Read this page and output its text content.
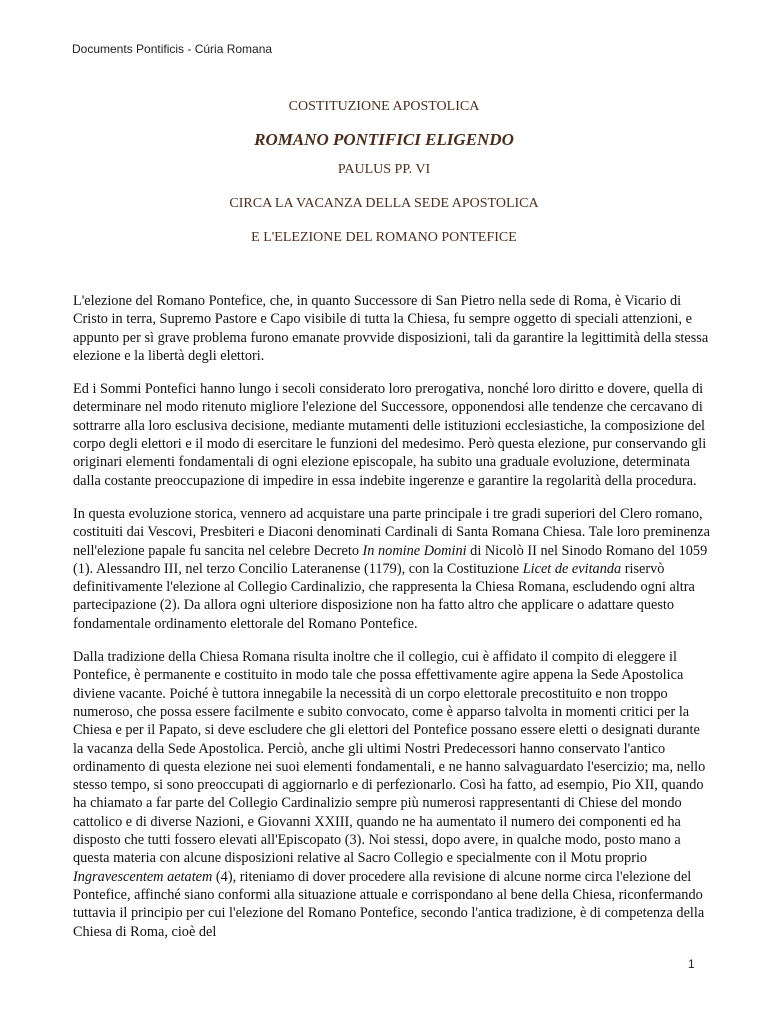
Documents Pontificis - Cúria Romana
COSTITUZIONE APOSTOLICA
ROMANO PONTIFICI ELIGENDO
PAULUS PP. VI
CIRCA LA VACANZA DELLA SEDE APOSTOLICA
E L'ELEZIONE DEL ROMANO PONTEFICE

L'elezione del Romano Pontefice, che, in quanto Successore di San Pietro nella sede di Roma, è Vicario di Cristo in terra, Supremo Pastore e Capo visibile di tutta la Chiesa, fu sempre oggetto di speciali attenzioni, e appunto per sì grave problema furono emanate provvide disposizioni, tali da garantire la legittimità della stessa elezione e la libertà degli elettori.

Ed i Sommi Pontefici hanno lungo i secoli considerato loro prerogativa, nonché loro diritto e dovere, quella di determinare nel modo ritenuto migliore l'elezione del Successore, opponendosi alle tendenze che cercavano di sottrarre alla loro esclusiva decisione, mediante mutamenti delle istituzioni ecclesiastiche, la composizione del corpo degli elettori e il modo di esercitare le funzioni del medesimo. Però questa elezione, pur conservando gli originari elementi fondamentali di ogni elezione episcopale, ha subito una graduale evoluzione, determinata dalla costante preoccupazione di impedire in essa indebite ingerenze e garantire la regolarità della procedura.

In questa evoluzione storica, vennero ad acquistare una parte principale i tre gradi superiori del Clero romano, costituiti dai Vescovi, Presbiteri e Diaconi denominati Cardinali di Santa Romana Chiesa. Tale loro preminenza nell'elezione papale fu sancita nel celebre Decreto In nomine Domini di Nicolò II nel Sinodo Romano del 1059 (1). Alessandro III, nel terzo Concilio Lateranense (1179), con la Costituzione Licet de evitanda riservò definitivamente l'elezione al Collegio Cardinalizio, che rappresenta la Chiesa Romana, escludendo ogni altra partecipazione (2). Da allora ogni ulteriore disposizione non ha fatto altro che applicare o adattare questo fondamentale ordinamento elettorale del Romano Pontefice.

Dalla tradizione della Chiesa Romana risulta inoltre che il collegio, cui è affidato il compito di eleggere il Pontefice, è permanente e costituito in modo tale che possa effettivamente agire appena la Sede Apostolica diviene vacante. Poiché è tuttora innegabile la necessità di un corpo elettorale precostituito e non troppo numeroso, che possa essere facilmente e subito convocato, come è apparso talvolta in momenti critici per la Chiesa e per il Papato, si deve escludere che gli elettori del Pontefice possano essere eletti o designati durante la vacanza della Sede Apostolica. Perciò, anche gli ultimi Nostri Predecessori hanno conservato l'antico ordinamento di questa elezione nei suoi elementi fondamentali, e ne hanno salvaguardato l'esercizio; ma, nello stesso tempo, si sono preoccupati di aggiornarlo e di perfezionarlo. Così ha fatto, ad esempio, Pio XII, quando ha chiamato a far parte del Collegio Cardinalizio sempre più numerosi rappresentanti di Chiese del mondo cattolico e di diverse Nazioni, e Giovanni XXIII, quando ne ha aumentato il numero dei componenti ed ha disposto che tutti fossero elevati all'Episcopato (3). Noi stessi, dopo avere, in qualche modo, posto mano a questa materia con alcune disposizioni relative al Sacro Collegio e specialmente con il Motu proprio Ingravescentem aetatem (4), riteniamo di dover procedere alla revisione di alcune norme circa l'elezione del Pontefice, affinché siano conformi alla situazione attuale e corrispondano al bene della Chiesa, riconfermando tuttavia il principio per cui l'elezione del Romano Pontefice, secondo l'antica tradizione, è di competenza della Chiesa di Roma, cioè del

1
